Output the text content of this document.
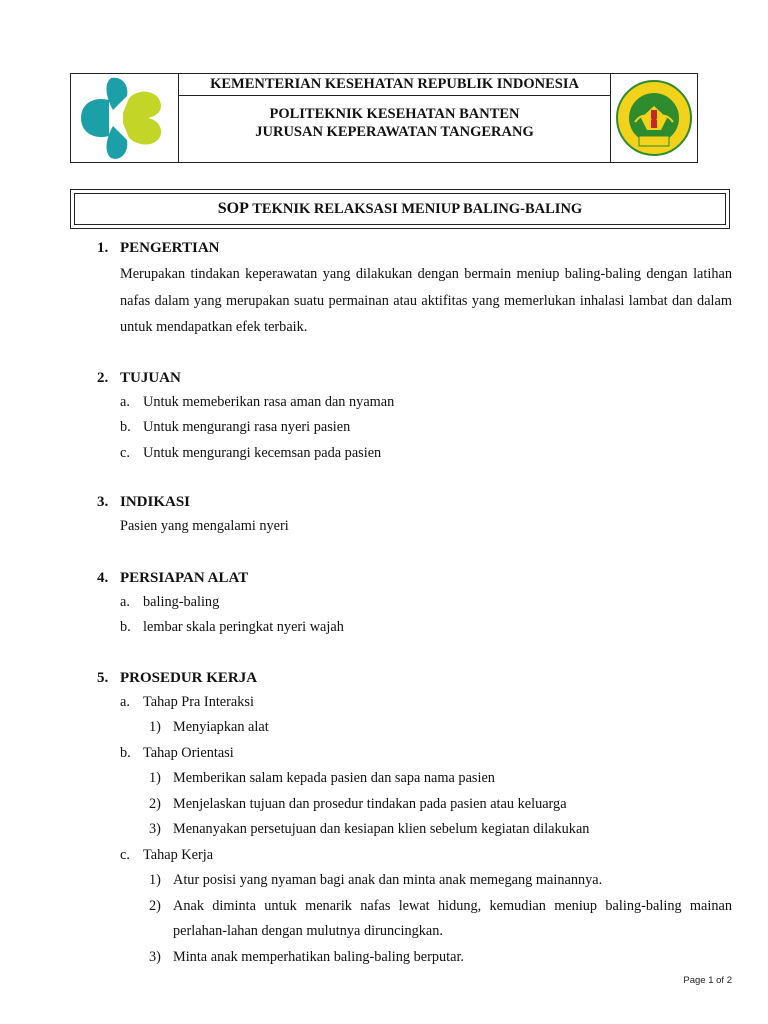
KEMENTERIAN KESEHATAN REPUBLIK INDONESIA
POLITEKNIK KESEHATAN BANTEN
JURUSAN KEPERAWATAN TANGERANG
SOP TEKNIK RELAKSASI MENIUP BALING-BALING
1. PENGERTIAN
Merupakan tindakan keperawatan yang dilakukan dengan bermain meniup baling-baling dengan latihan nafas dalam yang merupakan suatu permainan atau aktifitas yang memerlukan inhalasi lambat dan dalam untuk mendapatkan efek terbaik.
2. TUJUAN
a. Untuk memeberikan rasa aman dan nyaman
b. Untuk mengurangi rasa nyeri pasien
c. Untuk mengurangi kecemsan pada pasien
3. INDIKASI
Pasien yang mengalami nyeri
4. PERSIAPAN ALAT
a. baling-baling
b. lembar skala peringkat nyeri wajah
5. PROSEDUR KERJA
a. Tahap Pra Interaksi
1) Menyiapkan alat
b. Tahap Orientasi
1) Memberikan salam kepada pasien dan sapa nama pasien
2) Menjelaskan tujuan dan prosedur tindakan pada pasien atau keluarga
3) Menanyakan persetujuan dan kesiapan klien sebelum kegiatan dilakukan
c. Tahap Kerja
1) Atur posisi yang nyaman bagi anak dan minta anak memegang mainannya.
2) Anak diminta untuk menarik nafas lewat hidung, kemudian meniup baling-baling mainan perlahan-lahan dengan mulutnya diruncingkan.
3) Minta anak memperhatikan baling-baling berputar.
Page 1 of 2
